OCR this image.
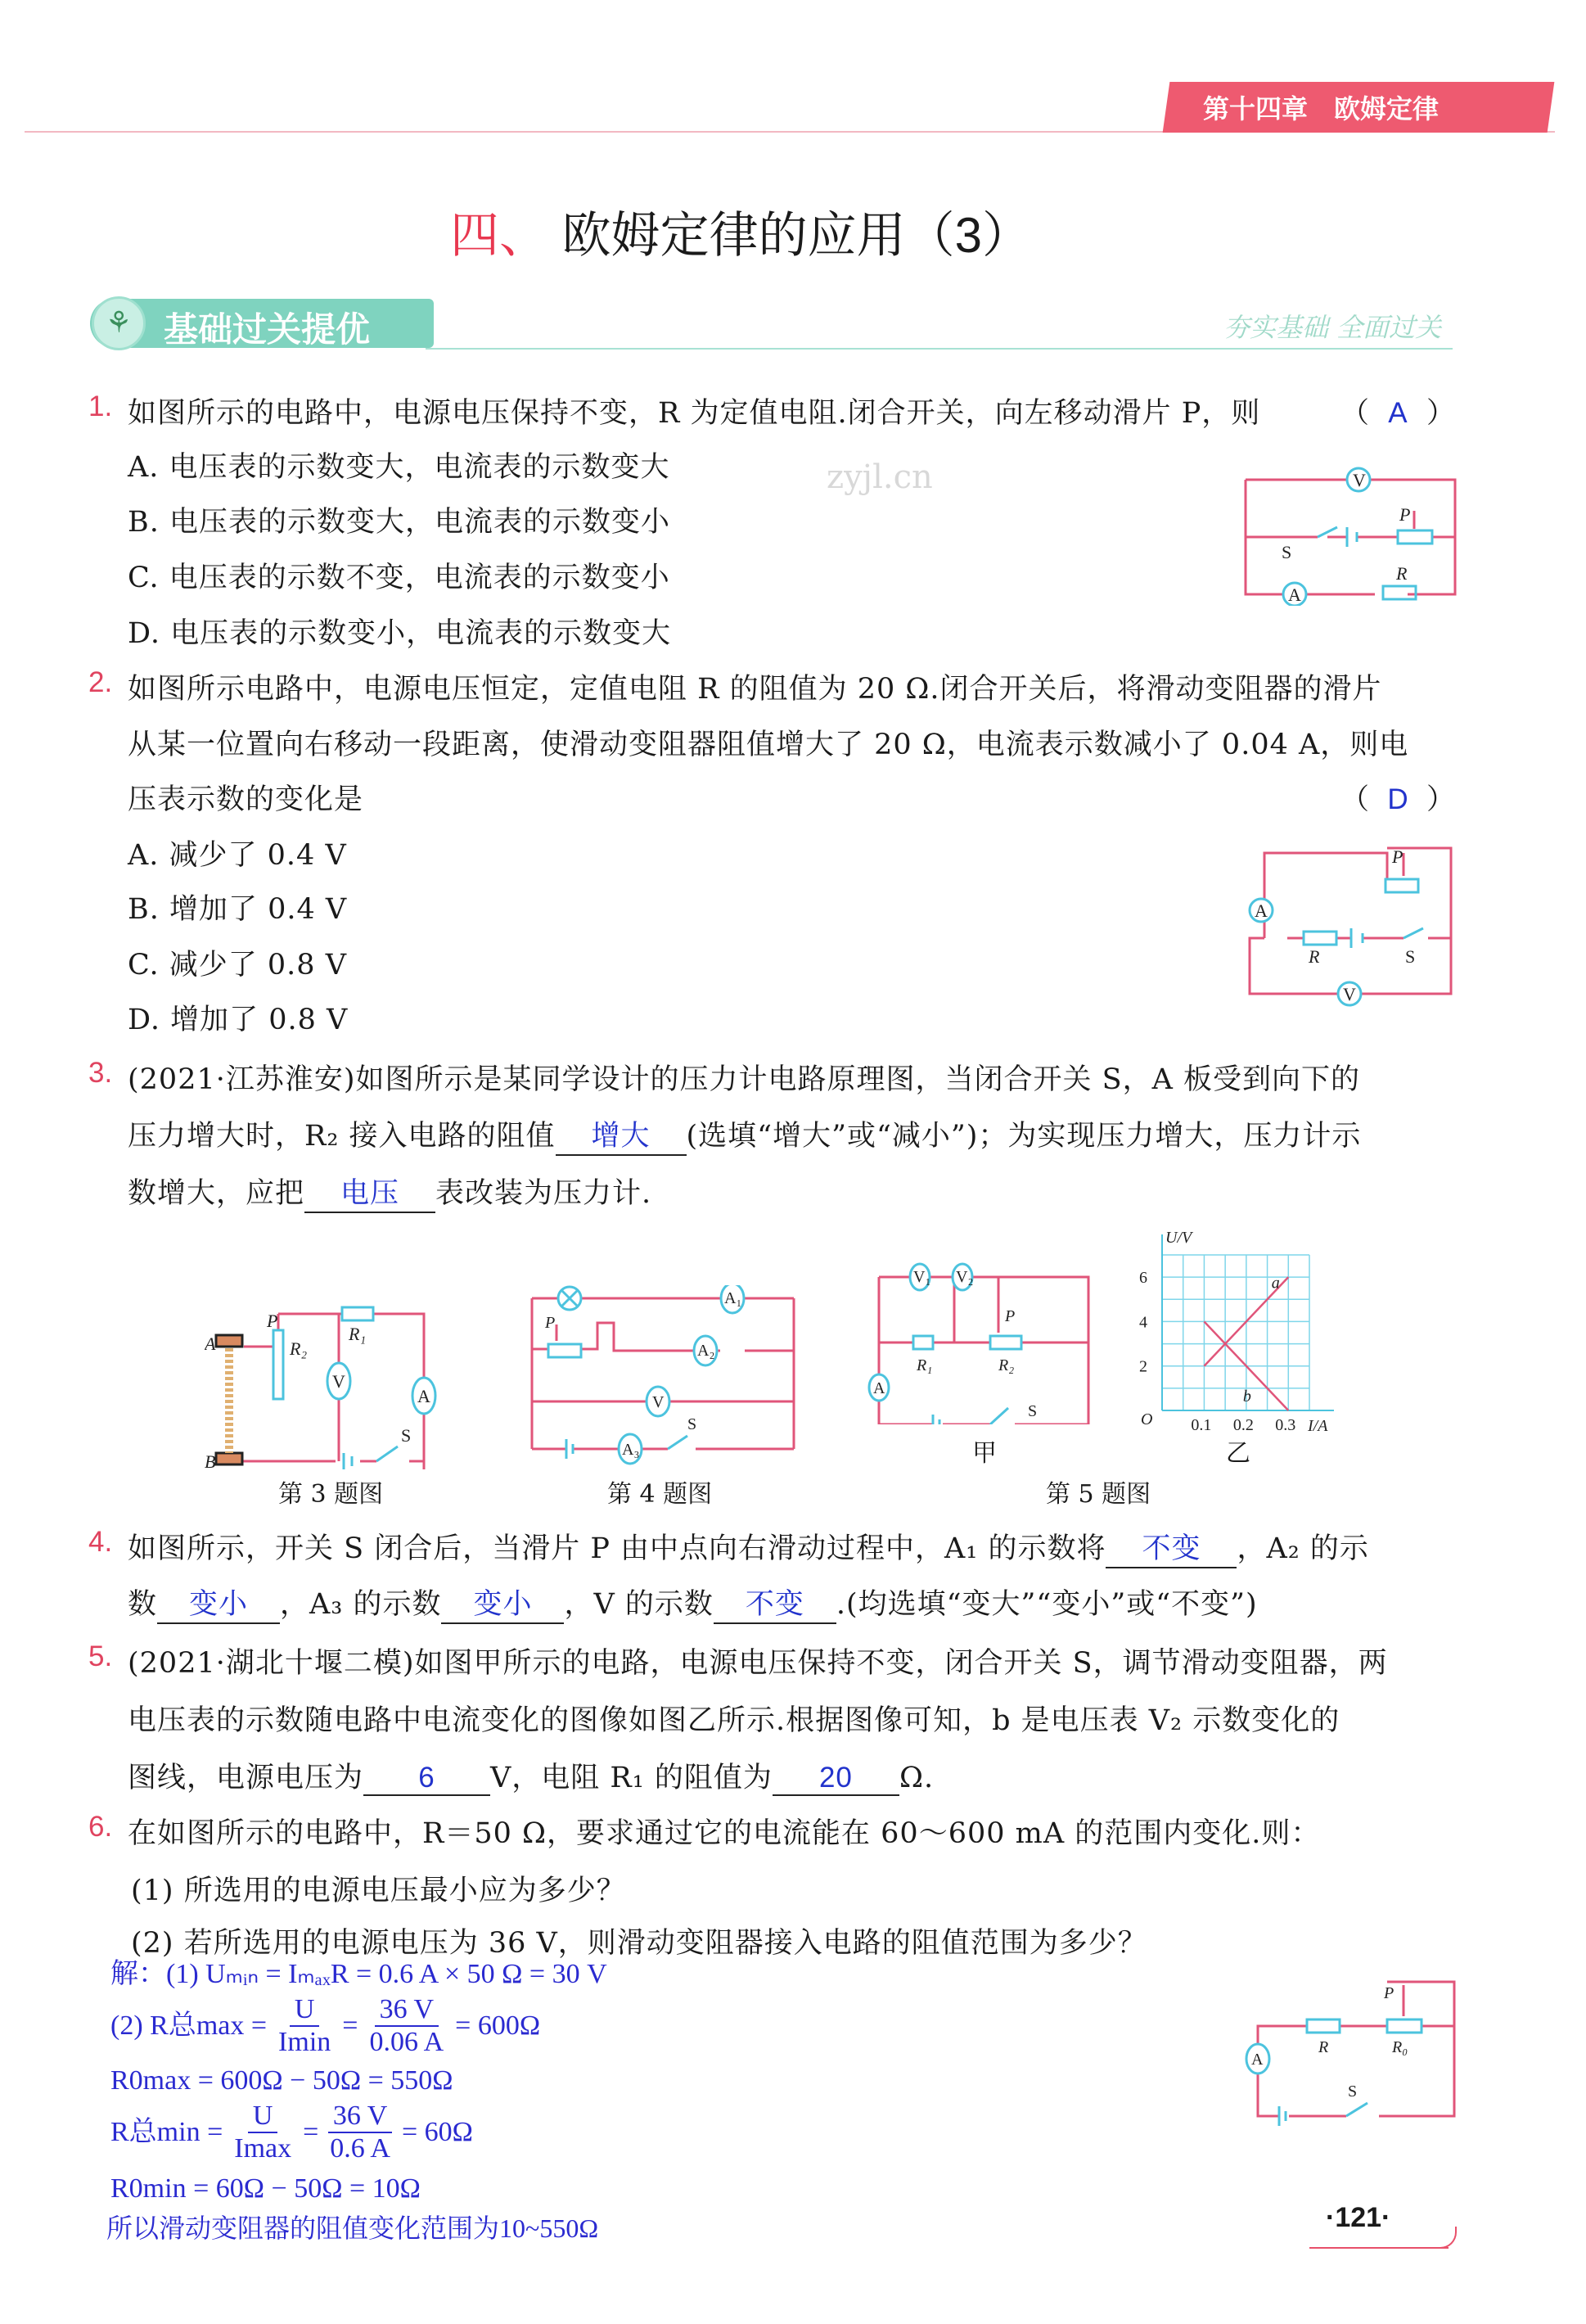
第十四章　欧姆定律
四、 欧姆定律的应用（3）
⚘ 基础过关提优	夯实基础 全面过关
zyjl.cn
1. 如图所示的电路中，电源电压保持不变，R 为定值电阻.闭合开关，向左移动滑片 P，则	（ A ）
A. 电压表的示数变大，电流表的示数变大
B. 电压表的示数变大，电流表的示数变小
C. 电压表的示数不变，电流表的示数变小
D. 电压表的示数变小，电流表的示数变大
V
P
S
R
A
2. 如图所示电路中，电源电压恒定，定值电阻 R 的阻值为 20 Ω.闭合开关后，将滑动变阻器的滑片
从某一位置向右移动一段距离，使滑动变阻器阻值增大了 20 Ω，电流表示数减小了 0.04 A，则电
压表示数的变化是	（ D ）
A. 减少了 0.4 V
B. 增加了 0.4 V
C. 减少了 0.8 V
D. 增加了 0.8 V
P
A
R	S
V
3. (2021·江苏淮安)如图所示是某同学设计的压力计电路原理图，当闭合开关 S，A 板受到向下的
压力增大时，R₂ 接入电路的阻值 增大 (选填“增大”或“减小”)；为实现压力增大，压力计示
数增大，应把 电压 表改装为压力计.
R₁
P
R₂
V
A
A
B
S
第 3 题图
A₁
P
A₂
V
A₃
S
第 4 题图
V₁ V₂
P
R₁	R₂
A
S
甲
U/V
I/A
O 0.1 0.2 0.3
2
4
6	a
b
乙
第 5 题图
4. 如图所示，开关 S 闭合后，当滑片 P 由中点向右滑动过程中，A₁ 的示数将 不变 ，A₂ 的示
数 变小 ，A₃ 的示数 变小 ，V 的示数 不变 .(均选填“变大”“变小”或“不变”)
5. (2021·湖北十堰二模)如图甲所示的电路，电源电压保持不变，闭合开关 S，调节滑动变阻器，两
电压表的示数随电路中电流变化的图像如图乙所示.根据图像可知，b 是电压表 V₂ 示数变化的
图线，电源电压为 6 V，电阻 R₁ 的阻值为 20 Ω.
6. 在如图所示的电路中，R＝50 Ω，要求通过它的电流能在 60～600 mA 的范围内变化.则：
(1) 所选用的电源电压最小应为多少？
(2) 若所选用的电源电压为 36 V，则滑动变阻器接入电路的阻值范围为多少？
P
R	R₀
A
S
解：(1) Uₘᵢₙ = IₘₐₓR = 0.6 A × 50 Ω = 30 V
(2) R总$\max = \frac{U}{Imin} = \frac{36 V}{0.06 A} = 600\Omega$
R0max = 600Ω − 50Ω = 550Ω
R总$\min = \frac{U}{Imax} = \frac{36 V}{0.6 A} = 60\Omega$
R0min = 60Ω − 50Ω = 10Ω
所以滑动变阻器的阻值变化范围为10~550Ω	·121·
